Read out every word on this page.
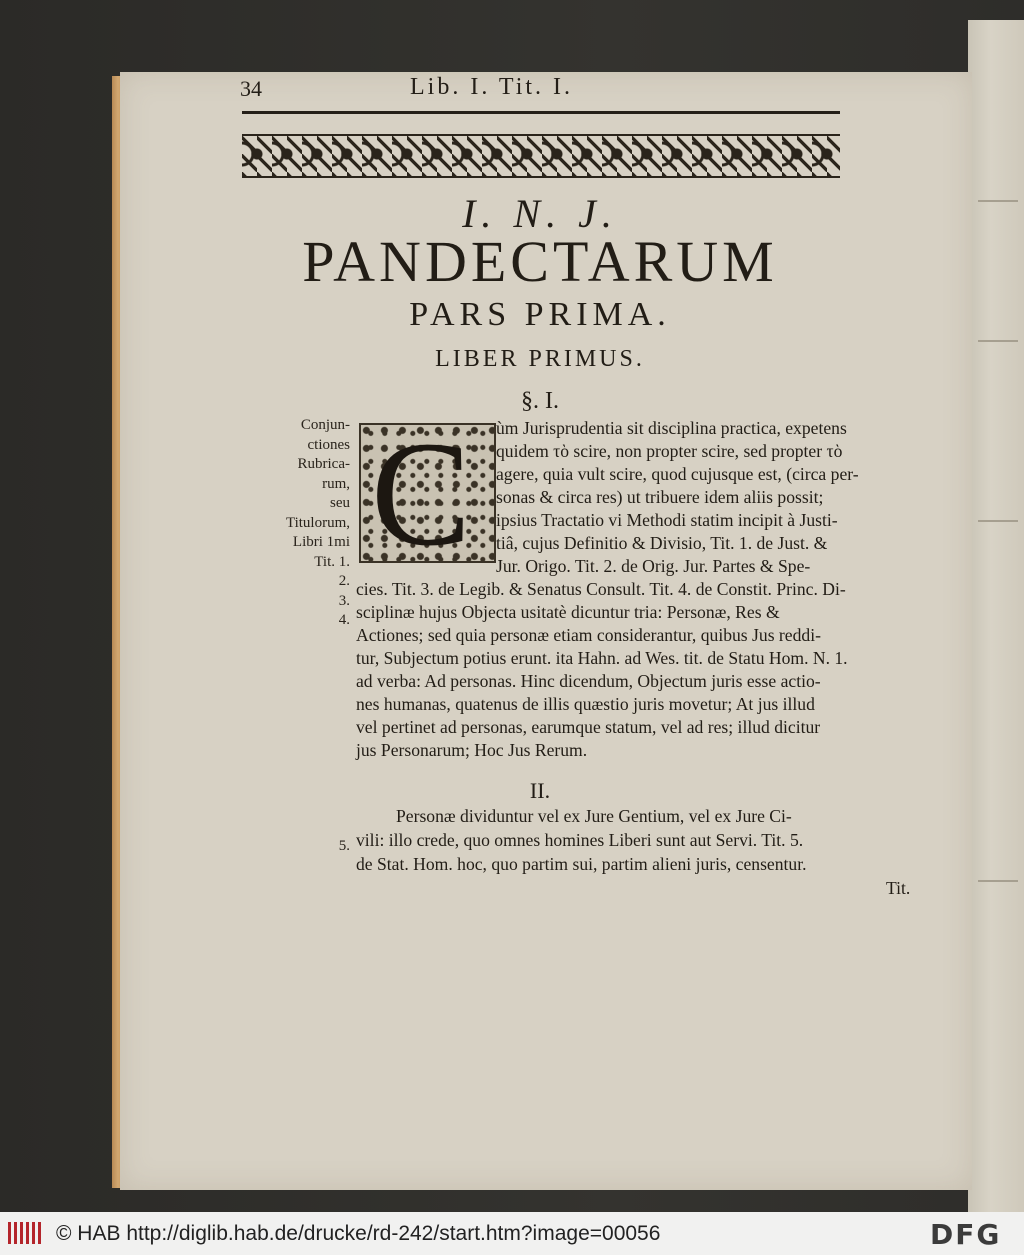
34	Lib. I. Tit. I.
I. N. J.
PANDECTARUM
PARS PRIMA.
LIBER PRIMUS.
§. I.
Conjun-
ctiones
Rubrica-
rum,
seu
Titulorum,
Libri 1mi
Tit. 1.
2.
3.
4.
C ùm Jurisprudentia sit disciplina practica, expetens
quidem τὸ scire, non propter scire, sed propter τὸ
agere, quia vult scire, quod cujusque est, (circa per-
sonas & circa res) ut tribuere idem aliis possit;
ipsius Tractatio vi Methodi statim incipit à Justi-
tiâ, cujus Definitio & Divisio, Tit. 1. de Just. &
Jur. Origo. Tit. 2. de Orig. Jur. Partes & Spe-
cies. Tit. 3. de Legib. & Senatus Consult. Tit. 4. de Constit. Princ. Di-
sciplinæ hujus Objecta usitatè dicuntur tria: Personæ, Res &
Actiones; sed quia personæ etiam considerantur, quibus Jus reddi-
tur, Subjectum potius erunt. ita Hahn. ad Wes. tit. de Statu Hom. N. 1.
ad verba: Ad personas. Hinc dicendum, Objectum juris esse actio-
nes humanas, quatenus de illis quæstio juris movetur; At jus illud
vel pertinet ad personas, earumque statum, vel ad res; illud dicitur
jus Personarum; Hoc Jus Rerum.
II.
Personæ dividuntur vel ex Jure Gentium, vel ex Jure Ci-
vili: illo crede, quo omnes homines Liberi sunt aut Servi. Tit. 5.
de Stat. Hom. hoc, quo partim sui, partim alieni juris, censentur.
Tit.
5.
© HAB http://diglib.hab.de/drucke/rd-242/start.htm?image=00056	DFG
